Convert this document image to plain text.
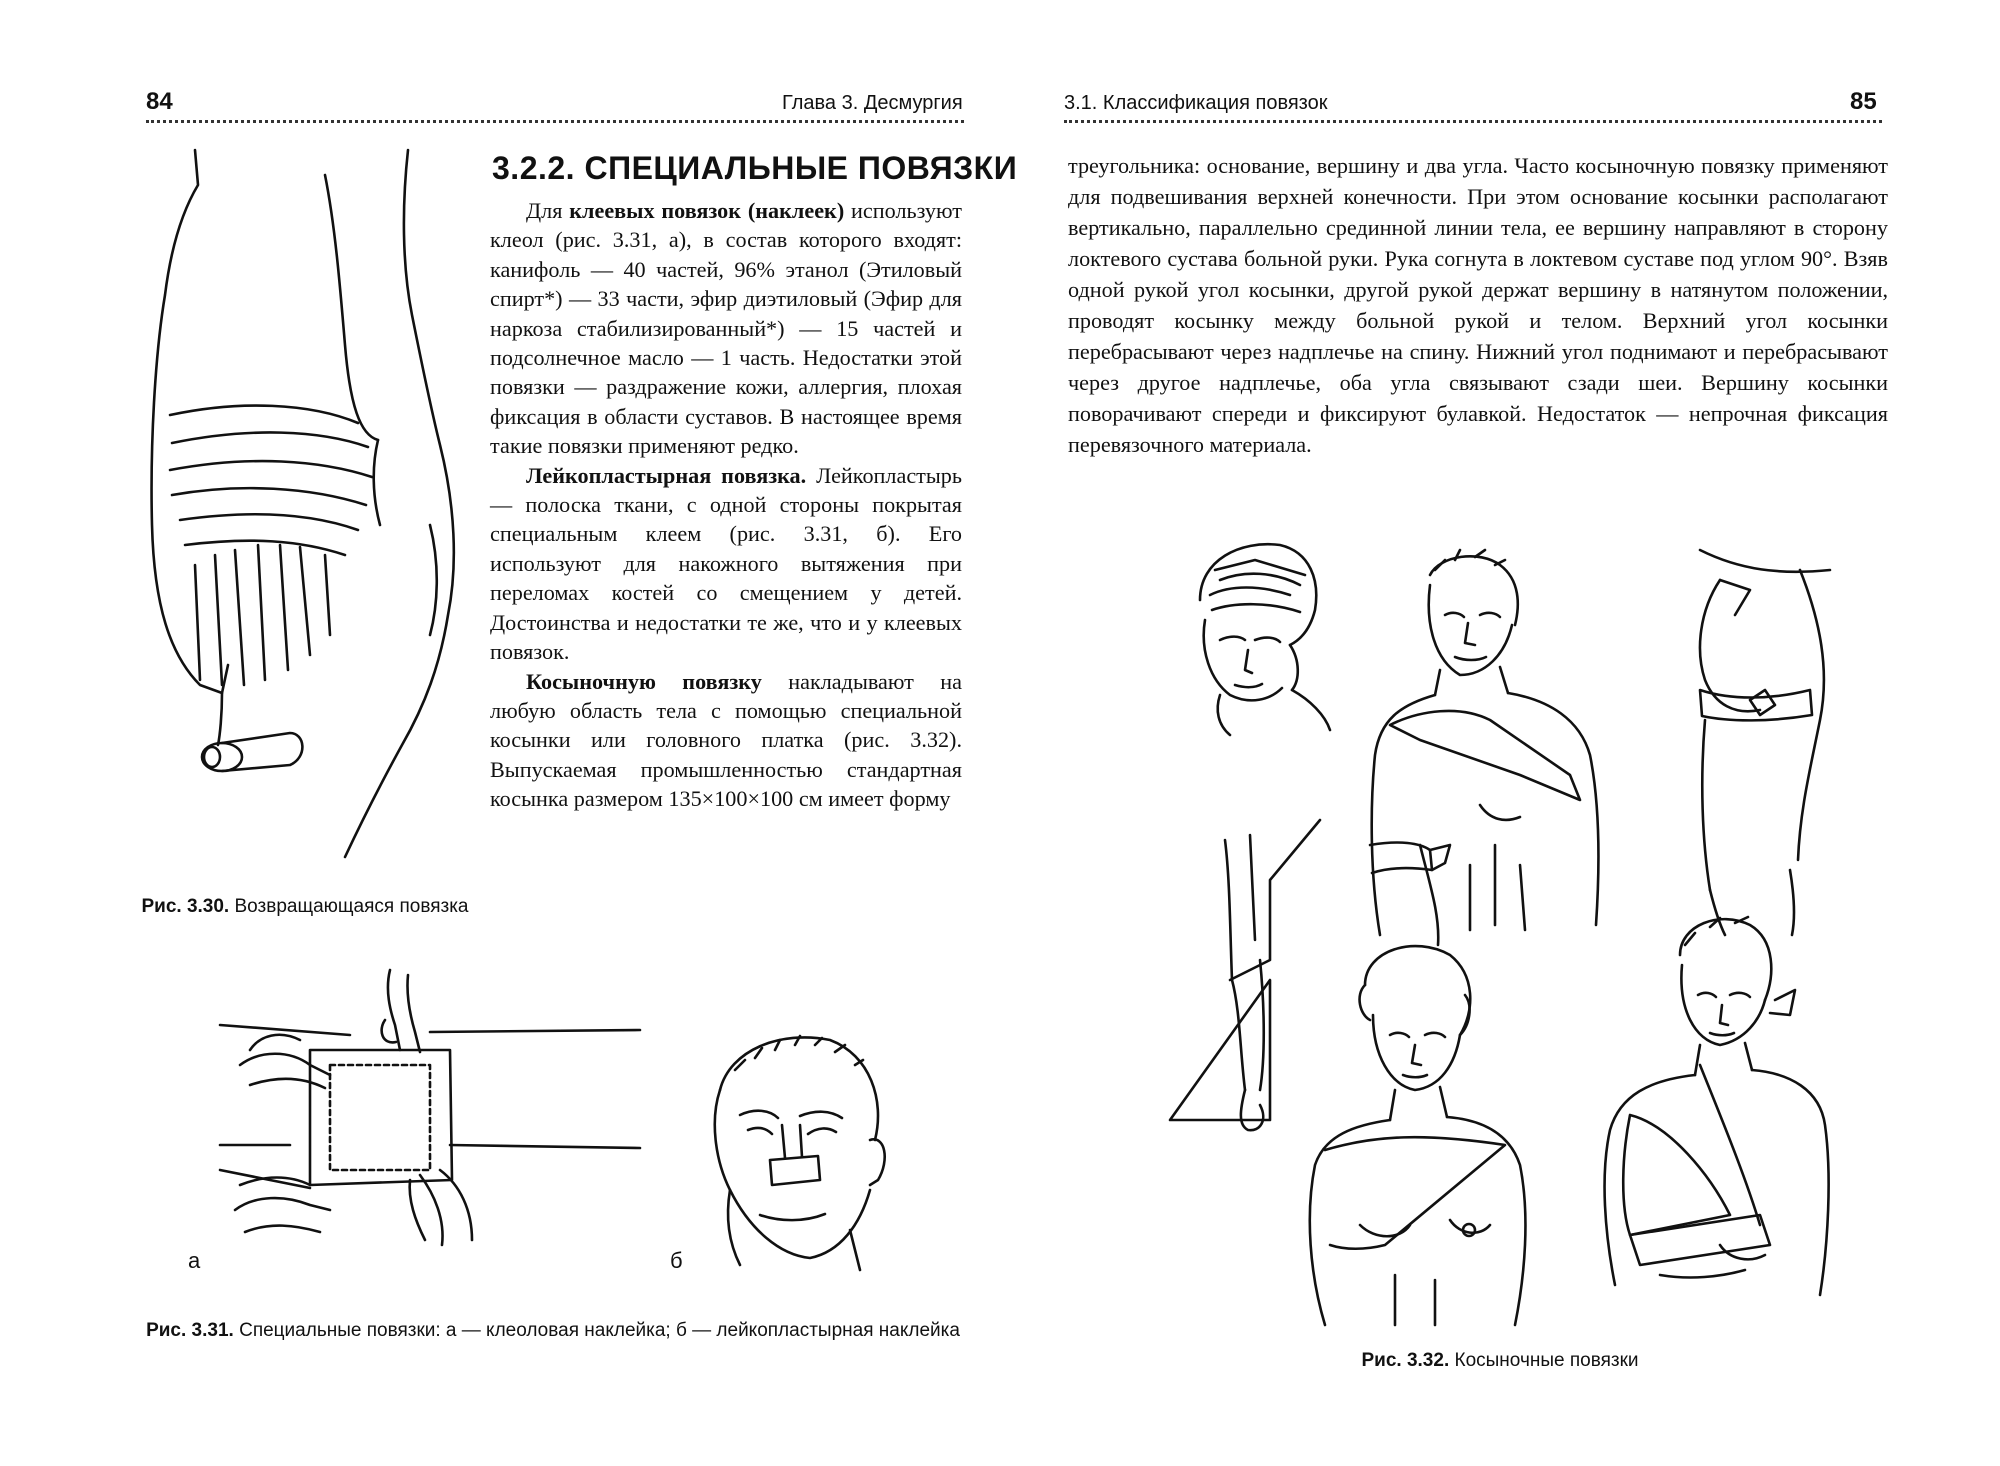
84	Глава 3. Десмургия
3.2.2. СПЕЦИАЛЬНЫЕ ПОВЯЗКИ

Для клеевых повязок (наклеек) используют клеол (рис. 3.31, а), в состав которого входят: канифоль — 40 частей, 96% этанол (Этиловый спирт*) — 33 части, эфир диэтиловый (Эфир для наркоза стабилизированный*) — 15 частей и подсолнечное масло — 1 часть. Недостатки этой повязки — раздражение кожи, аллергия, плохая фиксация в области суставов. В настоящее время такие повязки применяют редко.

Лейкопластырная повязка. Лейкопластырь — полоска ткани, с одной стороны покрытая специальным клеем (рис. 3.31, б). Его используют для накожного вытяжения при переломах костей со смещением у детей. Достоинства и недостатки те же, что и у клеевых повязок.

Косыночную повязку накладывают на любую область тела с помощью специальной косынки или головного платка (рис. 3.32). Выпускаемая промышленностью стандартная косынка размером 135×100×100 см имеет форму

Рис. 3.30. Возвращающаяся повязка
а	б
Рис. 3.31. Специальные повязки: а — клеоловая наклейка; б — лейкопластырная наклейка
3.1. Классификация повязок	85

треугольника: основание, вершину и два угла. Часто косыночную повязку применяют для подвешивания верхней конечности. При этом основание косынки располагают вертикально, параллельно срединной линии тела, ее вершину направляют в сторону локтевого сустава больной руки. Рука согнута в локтевом суставе под углом 90°. Взяв одной рукой угол косынки, другой рукой держат вершину в натянутом положении, проводят косынку между больной рукой и телом. Верхний угол косынки перебрасывают через надплечье на спину. Нижний угол поднимают и перебрасывают через другое надплечье, оба угла связывают сзади шеи. Вершину косынки поворачивают спереди и фиксируют булавкой. Недостаток — непрочная фиксация перевязочного материала.

Рис. 3.32. Косыночные повязки
